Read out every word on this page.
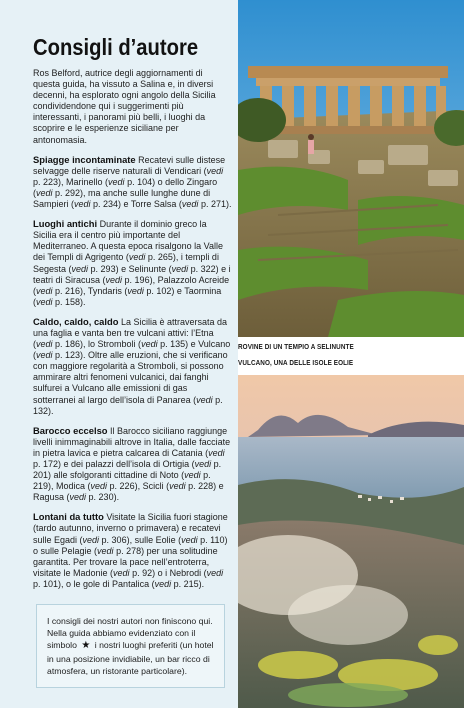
Consigli d’autore

Ros Belford, autrice degli aggiornamenti di questa guida, ha vissuto a Salina e, in diversi decenni, ha esplorato ogni angolo della Sicilia condividendone qui i suggerimenti più interessanti, i panorami più belli, i luoghi da scoprire e le esperienze siciliane per antonomasia.

Spiagge incontaminate Recatevi sulle distese selvagge delle riserve naturali di Vendicari (vedi p. 223), Marinello (vedi p. 104) o dello Zingaro (vedi p. 292), ma anche sulle lunghe dune di Sampieri (vedi p. 234) e Torre Salsa (vedi p. 271).

Luoghi antichi Durante il dominio greco la Sicilia era il centro più importante del Mediterraneo. A questa epoca risalgono la Valle dei Templi di Agrigento (vedi p. 265), i templi di Segesta (vedi p. 293) e Selinunte (vedi p. 322) e i teatri di Siracusa (vedi p. 196), Palazzolo Acreide (vedi p. 216), Tyndaris (vedi p. 102) e Taormina (vedi p. 158).

Caldo, caldo, caldo La Sicilia è attraversata da una faglia e vanta ben tre vulcani attivi: l’Etna (vedi p. 186), lo Stromboli (vedi p. 135) e Vulcano (vedi p. 123). Oltre alle eruzioni, che si verificano con maggiore regolarità a Stromboli, si possono ammirare altri fenomeni vulcanici, dai fanghi sulfurei a Vulcano alle emissioni di gas sotterranei al largo dell’isola di Panarea (vedi p. 132).

Barocco eccelso Il Barocco siciliano raggiunge livelli inimmaginabili altrove in Italia, dalle facciate in pietra lavica e pietra calcarea di Catania (vedi p. 172) e dei palazzi dell’isola di Ortigia (vedi p. 201) alle sfolgoranti cittadine di Noto (vedi p. 219), Modica (vedi p. 226), Scicli (vedi p. 228) e Ragusa (vedi p. 230).

Lontani da tutto Visitate la Sicilia fuori stagione (tardo autunno, inverno o primavera) e recatevi sulle Egadi (vedi p. 306), sulle Eolie (vedi p. 110) o sulle Pelagie (vedi p. 278) per una solitudine garantita. Per trovare la pace nell’entroterra, visitate le Madonie (vedi p. 92) o i Nebrodi (vedi p. 101), o le gole di Pantalica (vedi p. 215).

I consigli dei nostri autori non finiscono qui. Nella guida abbiamo evidenziato con il simbolo ★ i nostri luoghi preferiti (un hotel in una posizione invidiabile, un bar ricco di atmosfera, un ristorante particolare).

ROVINE DI UN TEMPIO A SELINUNTE
VULCANO, UNA DELLE ISOLE EOLIE
